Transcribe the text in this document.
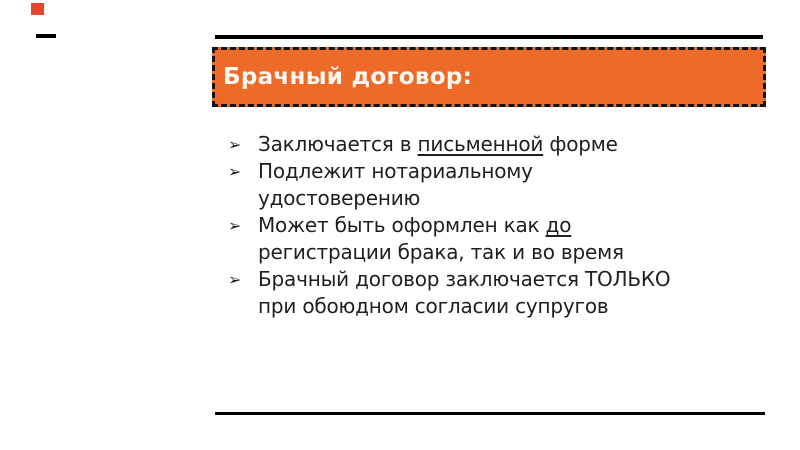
Брачный договор:
➢ Заключается в письменной форме
➢ Подлежит нотариальному
удостоверению
➢ Может быть оформлен как до
регистрации брака, так и во время
➢ Брачный договор заключается ТОЛЬКО
при обоюдном согласии супругов
